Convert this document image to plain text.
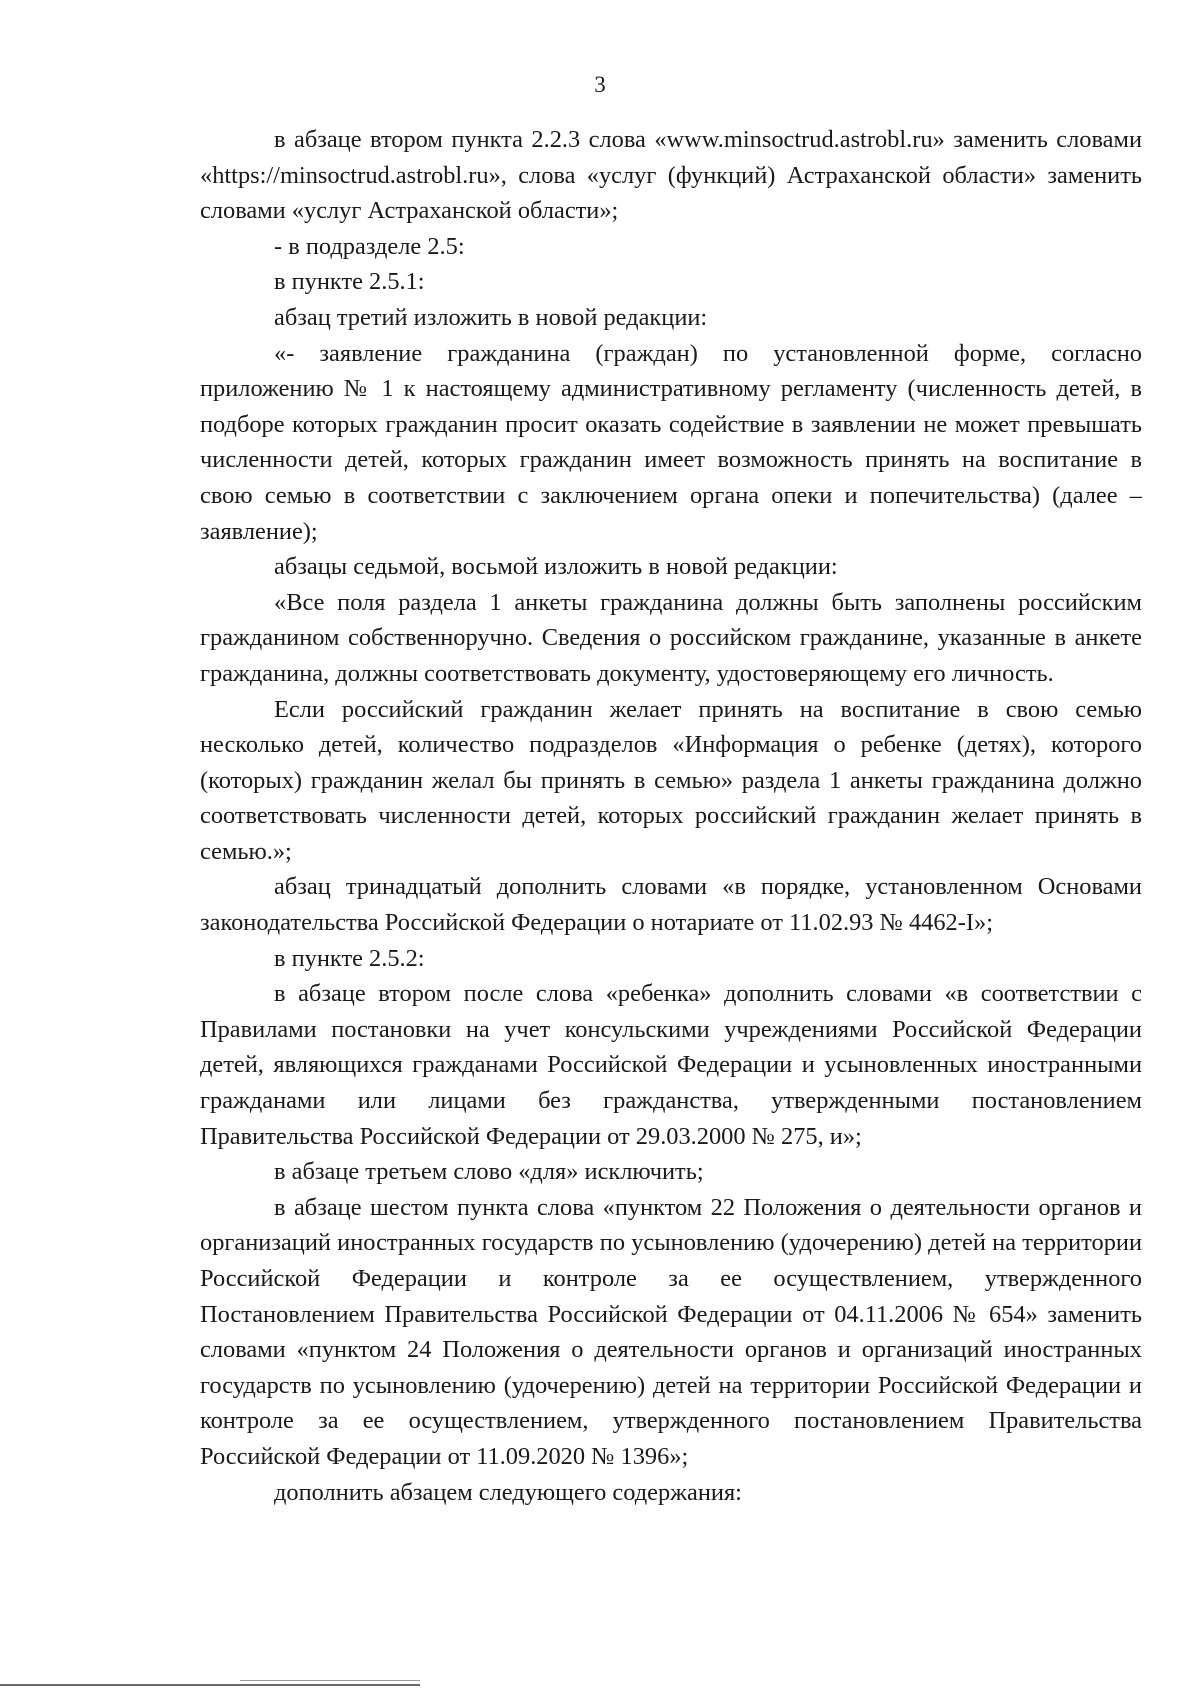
3

в абзаце втором пункта 2.2.3 слова «www.minsoctrud.astrobl.ru» заменить словами «https://minsoctrud.astrobl.ru», слова «услуг (функций) Астраханской области» заменить словами «услуг Астраханской области»;

- в подразделе 2.5:

в пункте 2.5.1:

абзац третий изложить в новой редакции:

«- заявление гражданина (граждан) по установленной форме, согласно приложению № 1 к настоящему административному регламенту (численность детей, в подборе которых гражданин просит оказать содействие в заявлении не может превышать численности детей, которых гражданин имеет возможность принять на воспитание в свою семью в соответствии с заключением органа опеки и попечительства) (далее – заявление);

абзацы седьмой, восьмой изложить в новой редакции:

«Все поля раздела 1 анкеты гражданина должны быть заполнены российским гражданином собственноручно. Сведения о российском гражданине, указанные в анкете гражданина, должны соответствовать документу, удостоверяющему его личность.

Если российский гражданин желает принять на воспитание в свою семью несколько детей, количество подразделов «Информация о ребенке (детях), которого (которых) гражданин желал бы принять в семью» раздела 1 анкеты гражданина должно соответствовать численности детей, которых российский гражданин желает принять в семью.»;

абзац тринадцатый дополнить словами «в порядке, установленном Основами законодательства Российской Федерации о нотариате от 11.02.93 № 4462-I»;

в пункте 2.5.2:

в абзаце втором после слова «ребенка» дополнить словами «в соответствии с Правилами постановки на учет консульскими учреждениями Российской Федерации детей, являющихся гражданами Российской Федерации и усыновленных иностранными гражданами или лицами без гражданства, утвержденными постановлением Правительства Российской Федерации от 29.03.2000 № 275, и»;

в абзаце третьем слово «для» исключить;

в абзаце шестом пункта слова «пунктом 22 Положения о деятельности органов и организаций иностранных государств по усыновлению (удочерению) детей на территории Российской Федерации и контроле за ее осуществлением, утвержденного Постановлением Правительства Российской Федерации от 04.11.2006 № 654» заменить словами «пунктом 24 Положения о деятельности органов и организаций иностранных государств по усыновлению (удочерению) детей на территории Российской Федерации и контроле за ее осуществлением, утвержденного постановлением Правительства Российской Федерации от 11.09.2020 № 1396»;

дополнить абзацем следующего содержания:
